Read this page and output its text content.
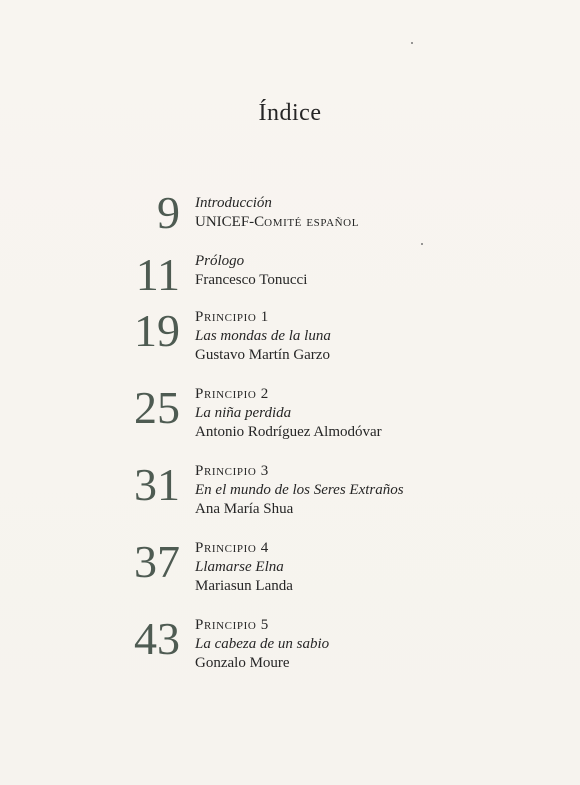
Índice
9 Introducción
UNICEF-Comité español
11 Prólogo
Francesco Tonucci
19 Principio 1
Las mondas de la luna
Gustavo Martín Garzo
25 Principio 2
La niña perdida
Antonio Rodríguez Almodóvar
31 Principio 3
En el mundo de los Seres Extraños
Ana María Shua
37 Principio 4
Llamarse Elna
Mariasun Landa
43 Principio 5
La cabeza de un sabio
Gonzalo Moure
